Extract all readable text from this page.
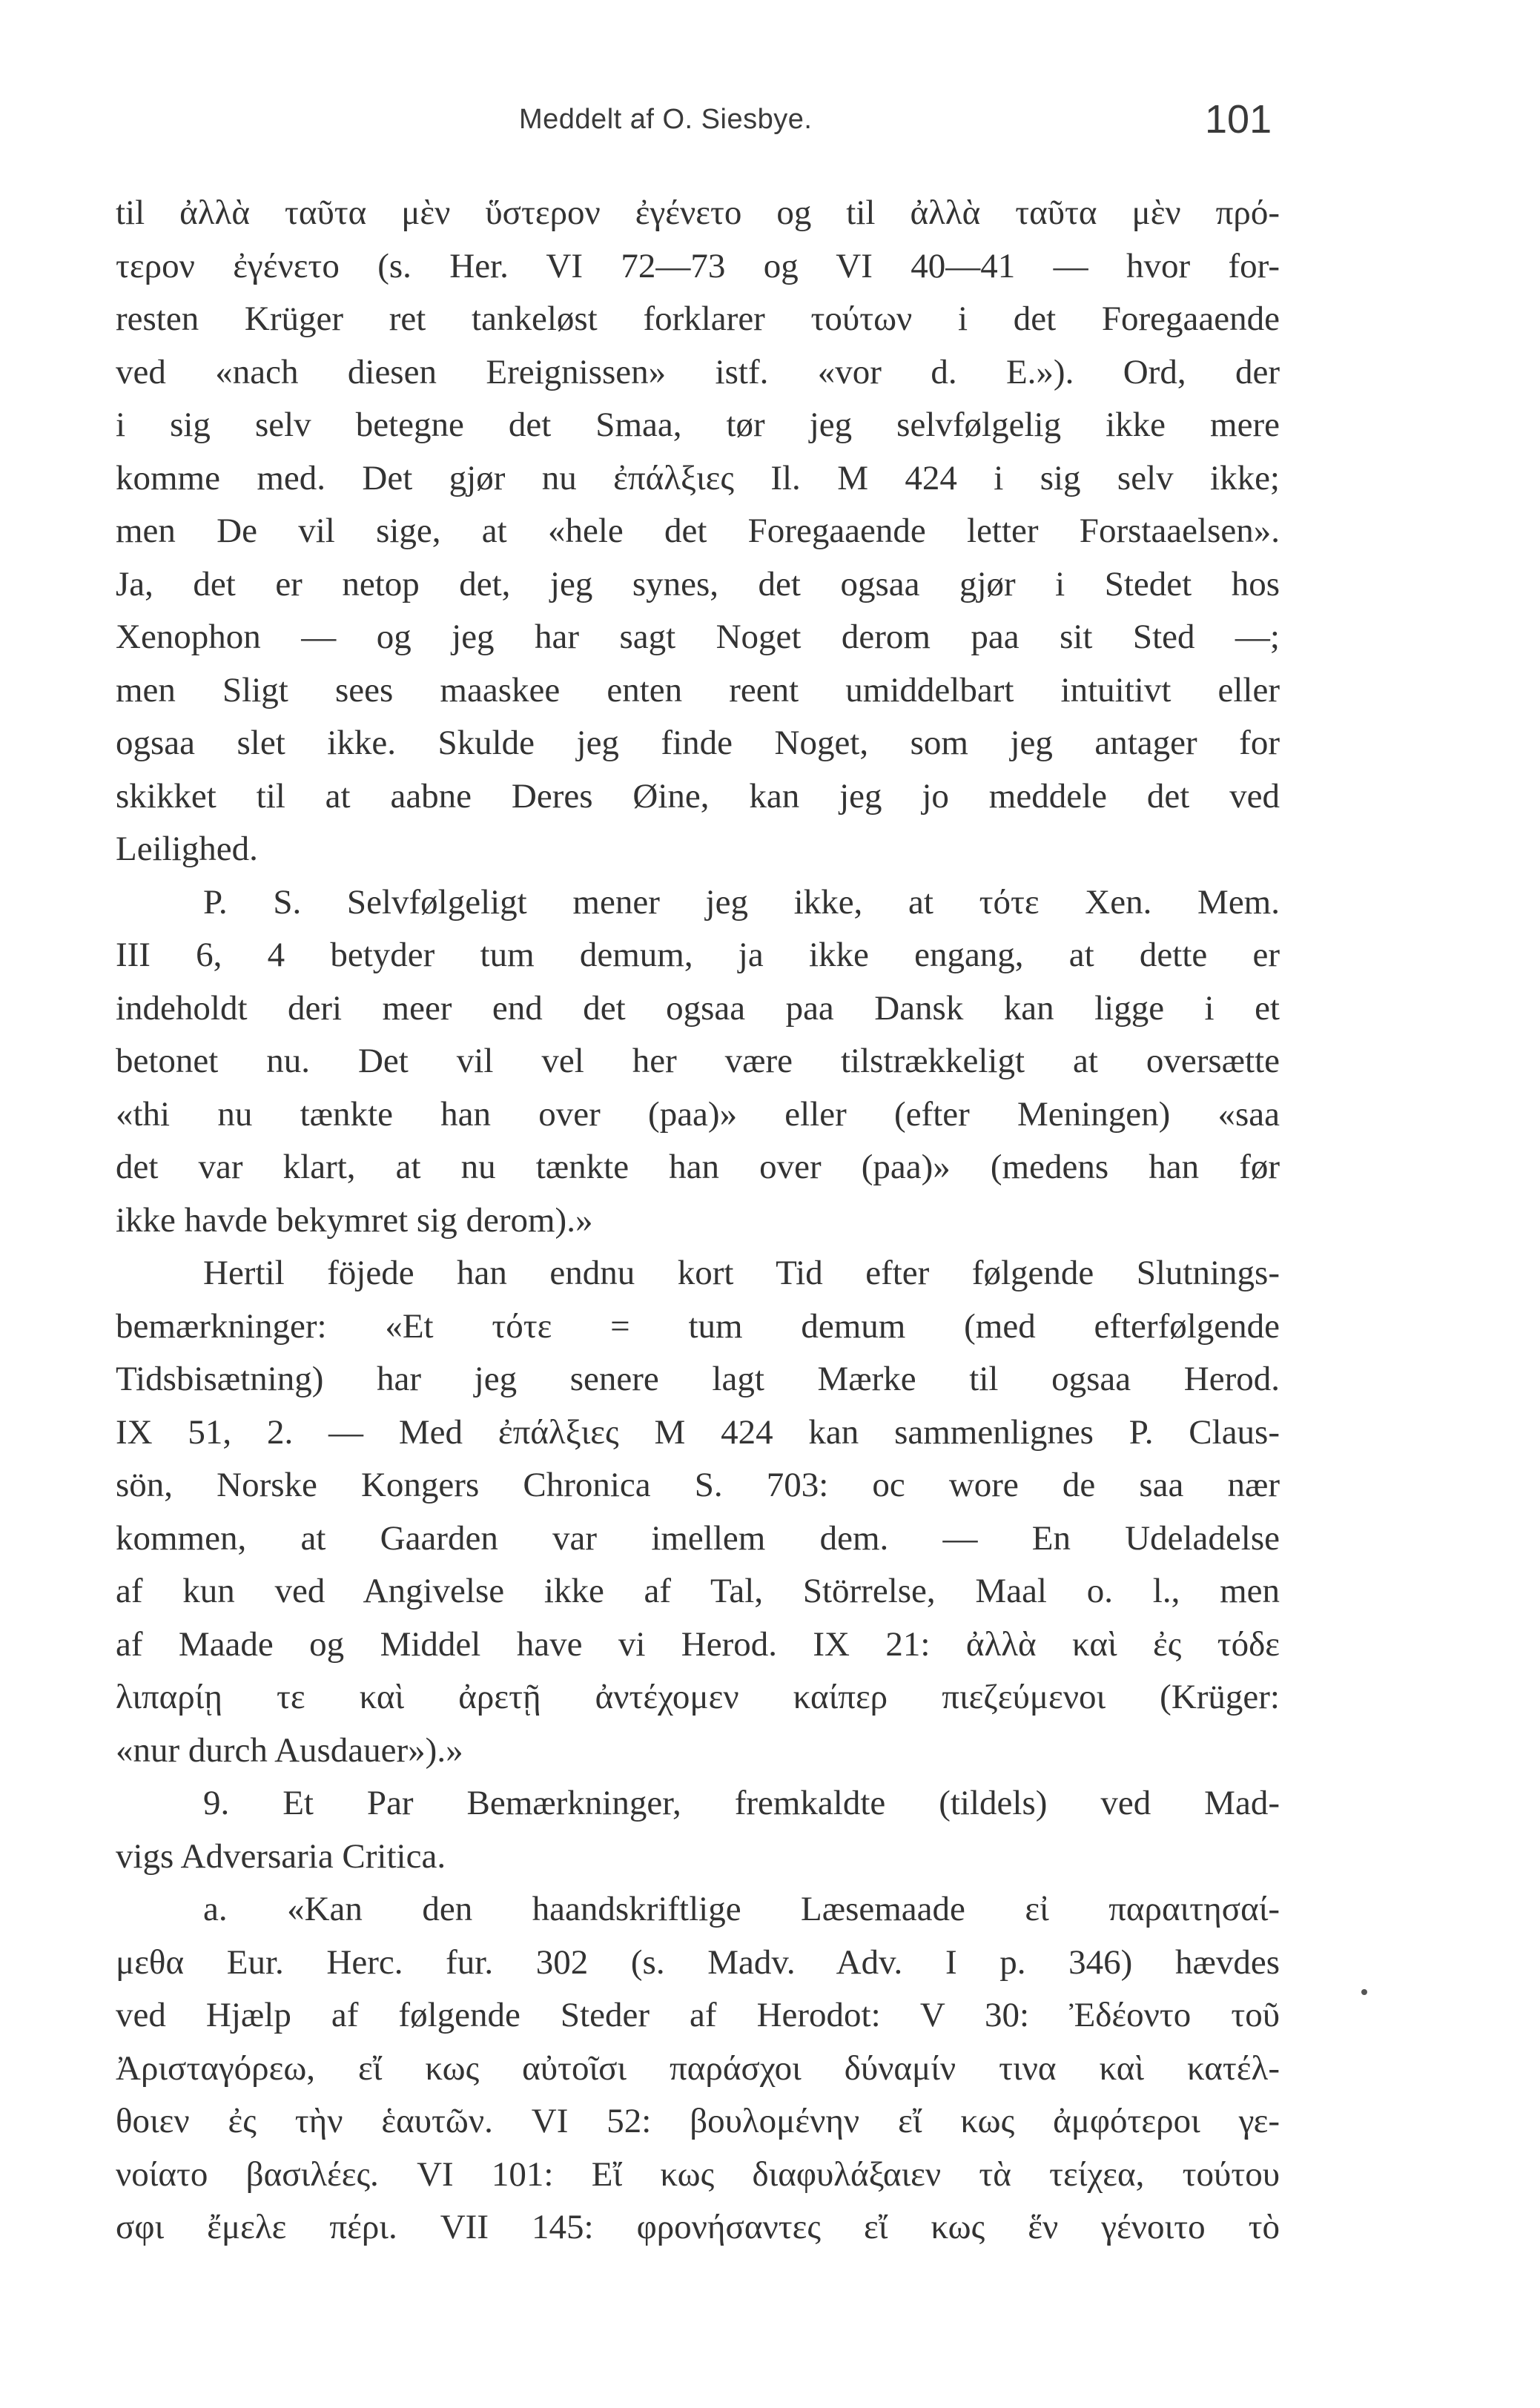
Meddelt af O. Siesbye.	101
til ἀλλὰ ταῦτα μὲν ὕστερον ἐγένετο og til ἀλλὰ ταῦτα μὲν πρό-
τερον ἐγένετο (s. Her. VI 72—73 og VI 40—41 — hvor for-
resten Krüger ret tankeløst forklarer τούτων i det Foregaaende
ved «nach diesen Ereignissen» istf. «vor d. E.»). Ord, der
i sig selv betegne det Smaa, tør jeg selvfølgelig ikke mere
komme med. Det gjør nu ἐπάλξιες Il. M 424 i sig selv ikke;
men De vil sige, at «hele det Foregaaende letter Forstaaelsen».
Ja, det er netop det, jeg synes, det ogsaa gjør i Stedet hos
Xenophon — og jeg har sagt Noget derom paa sit Sted —;
men Sligt sees maaskee enten reent umiddelbart intuitivt eller
ogsaa slet ikke. Skulde jeg finde Noget, som jeg antager for
skikket til at aabne Deres Øine, kan jeg jo meddele det ved
Leilighed.
P. S. Selvfølgeligt mener jeg ikke, at τότε Xen. Mem.
III 6, 4 betyder tum demum, ja ikke engang, at dette er
indeholdt deri meer end det ogsaa paa Dansk kan ligge i et
betonet nu. Det vil vel her være tilstrækkeligt at oversætte
«thi nu tænkte han over (paa)» eller (efter Meningen) «saa
det var klart, at nu tænkte han over (paa)» (medens han før
ikke havde bekymret sig derom).»
Hertil föjede han endnu kort Tid efter følgende Slutnings-
bemærkninger: «Et τότε = tum demum (med efterfølgende
Tidsbisætning) har jeg senere lagt Mærke til ogsaa Herod.
IX 51, 2. — Med ἐπάλξιες M 424 kan sammenlignes P. Claus-
sön, Norske Kongers Chronica S. 703: oc wore de saa nær
kommen, at Gaarden var imellem dem. — En Udeladelse
af kun ved Angivelse ikke af Tal, Störrelse, Maal o. l., men
af Maade og Middel have vi Herod. IX 21: ἀλλὰ καὶ ἐς τόδε
λιπαρίῃ τε καὶ ἀρετῇ ἀντέχομεν καίπερ πιεζεύμενοι (Krüger:
«nur durch Ausdauer»).»
9. Et Par Bemærkninger, fremkaldte (tildels) ved Mad-
vigs Adversaria Critica.
a. «Kan den haandskriftlige Læsemaade εἰ παραιτησαί-
μεθα Eur. Herc. fur. 302 (s. Madv. Adv. I p. 346) hævdes
ved Hjælp af følgende Steder af Herodot: V 30: Ἐδέοντο τοῦ
Ἀρισταγόρεω, εἴ κως αὐτοῖσι παράσχοι δύναμίν τινα καὶ κατέλ-
θοιεν ἐς τὴν ἑαυτῶν. VI 52: βουλομένην εἴ κως ἀμφότεροι γε-
νοίατο βασιλέες. VI 101: Εἴ κως διαφυλάξαιεν τὰ τείχεα, τούτου
σφι ἔμελε πέρι. VII 145: φρονήσαντες εἴ κως ἕν γένοιτο τὸ
